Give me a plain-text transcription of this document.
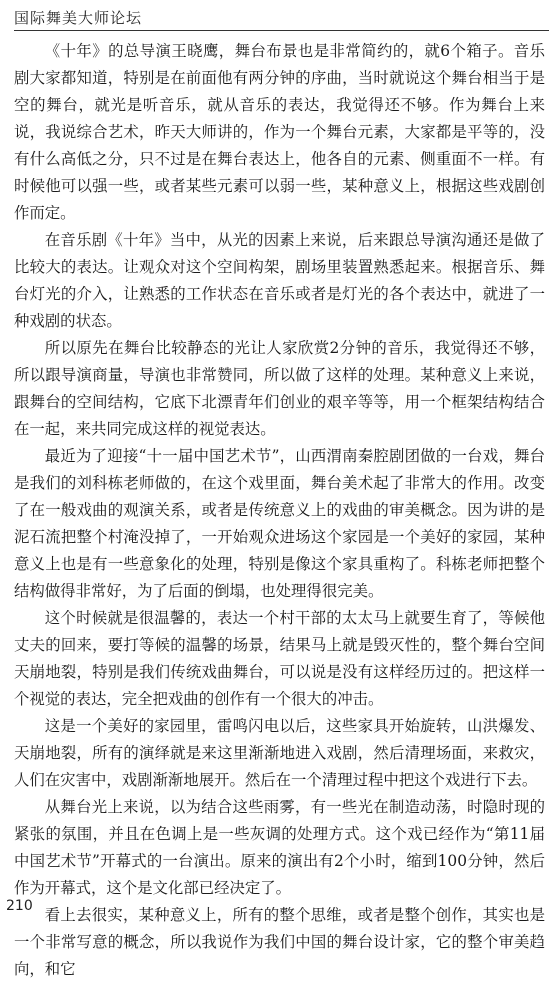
国际舞美大师论坛

《十年》的总导演王晓鹰，舞台布景也是非常简约的，就6个箱子。音乐剧大家都知道，特别是在前面他有两分钟的序曲，当时就说这个舞台相当于是空的舞台，就光是听音乐，就从音乐的表达，我觉得还不够。作为舞台上来说，我说综合艺术，昨天大师讲的，作为一个舞台元素，大家都是平等的，没有什么高低之分，只不过是在舞台表达上，他各自的元素、侧重面不一样。有时候他可以强一些，或者某些元素可以弱一些，某种意义上，根据这些戏剧创作而定。

在音乐剧《十年》当中，从光的因素上来说，后来跟总导演沟通还是做了比较大的表达。让观众对这个空间构架，剧场里装置熟悉起来。根据音乐、舞台灯光的介入，让熟悉的工作状态在音乐或者是灯光的各个表达中，就进了一种戏剧的状态。

所以原先在舞台比较静态的光让人家欣赏2分钟的音乐，我觉得还不够，所以跟导演商量，导演也非常赞同，所以做了这样的处理。某种意义上来说，跟舞台的空间结构，它底下北漂青年们创业的艰辛等等，用一个框架结构结合在一起，来共同完成这样的视觉表达。

最近为了迎接“十一届中国艺术节”，山西渭南秦腔剧团做的一台戏，舞台是我们的刘科栋老师做的，在这个戏里面，舞台美术起了非常大的作用。改变了在一般戏曲的观演关系，或者是传统意义上的戏曲的审美概念。因为讲的是泥石流把整个村淹没掉了，一开始观众进场这个家园是一个美好的家园，某种意义上也是有一些意象化的处理，特别是像这个家具重构了。科栋老师把整个结构做得非常好，为了后面的倒塌，也处理得很完美。

这个时候就是很温馨的，表达一个村干部的太太马上就要生育了，等候他丈夫的回来，要打等候的温馨的场景，结果马上就是毁灭性的，整个舞台空间天崩地裂，特别是我们传统戏曲舞台，可以说是没有这样经历过的。把这样一个视觉的表达，完全把戏曲的创作有一个很大的冲击。

这是一个美好的家园里，雷鸣闪电以后，这些家具开始旋转，山洪爆发、天崩地裂，所有的演绎就是来这里渐渐地进入戏剧，然后清理场面，来救灾，人们在灾害中，戏剧渐渐地展开。然后在一个清理过程中把这个戏进行下去。

从舞台光上来说，以为结合这些雨雾，有一些光在制造动荡，时隐时现的紧张的氛围，并且在色调上是一些灰调的处理方式。这个戏已经作为“第11届中国艺术节”开幕式的一台演出。原来的演出有2个小时，缩到100分钟，然后作为开幕式，这个是文化部已经决定了。

看上去很实，某种意义上，所有的整个思维，或者是整个创作，其实也是一个非常写意的概念，所以我说作为我们中国的舞台设计家，它的整个审美趋向，和它

210
